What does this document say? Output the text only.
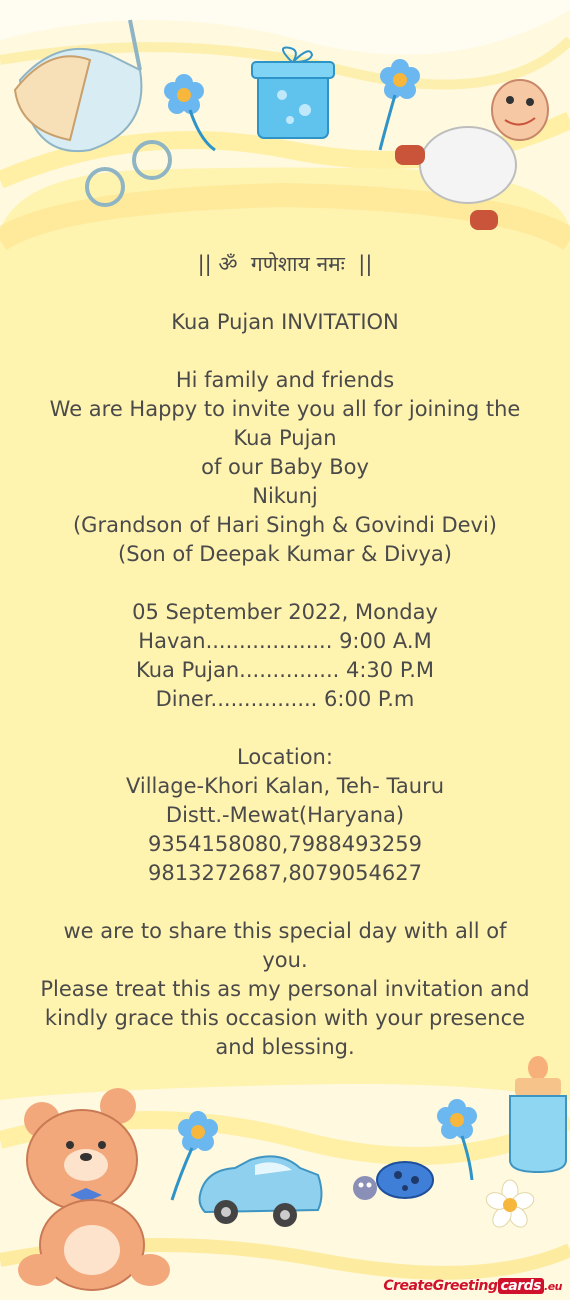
|| ॐ  गणेशाय नमः  ||
Kua Pujan INVITATION
Hi family and friends
We are Happy to invite you all for joining the Kua Pujan
of our Baby Boy
Nikunj
(Grandson of Hari Singh & Govindi Devi)
(Son of Deepak Kumar & Divya)
05 September 2022, Monday
Havan................... 9:00 A.M
Kua Pujan............... 4:30 P.M
Diner................ 6:00 P.m
Location:
Village-Khori Kalan, Teh- Tauru
Distt.-Mewat(Haryana)
9354158080,7988493259
9813272687,8079054627
we are to share this special day with all of you.
Please treat this as my personal invitation and kindly grace this occasion with your presence and blessing.
CreateGreeting cards .eu
